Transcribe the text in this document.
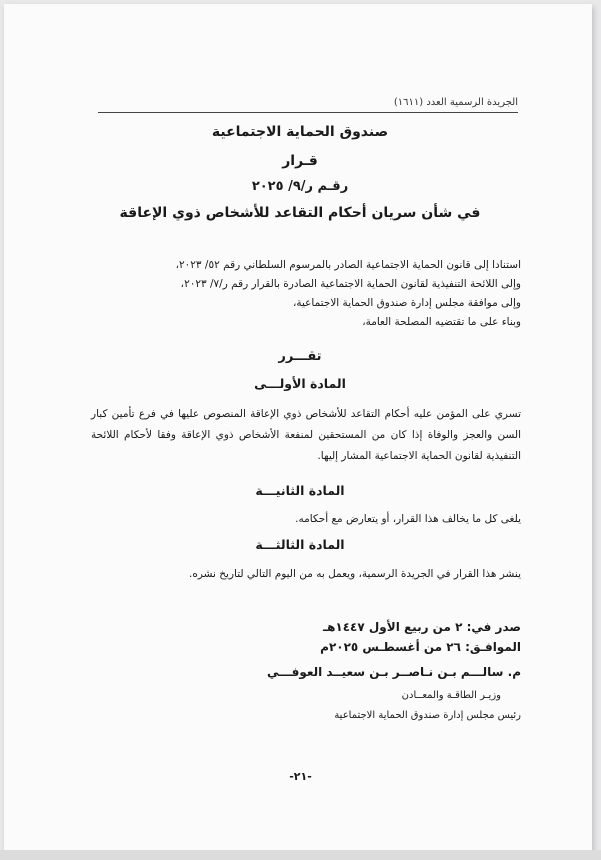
الجريدة الرسمية العدد (١٦١١)
صندوق الحماية الاجتماعية
قـرار
رقـم ر/٩/ ٢٠٢٥
في شأن سريان أحكام التقاعد للأشخاص ذوي الإعاقة
استنادا إلى قانون الحماية الاجتماعية الصادر بالمرسوم السلطاني رقم ٥٢/ ٢٠٢٣،
وإلى اللائحة التنفيذية لقانون الحماية الاجتماعية الصادرة بالقرار رقم ر/٧/ ٢٠٢٣،
وإلى موافقة مجلس إدارة صندوق الحماية الاجتماعية،
وبناء على ما تقتضيه المصلحة العامة،
تقـــرر
المادة الأولـــى
تسري على المؤمن عليه أحكام التقاعد للأشخاص ذوي الإعاقة المنصوص عليها في فرع تأمين كبار السن والعجز والوفاة إذا كان من المستحقين لمنفعة الأشخاص ذوي الإعاقة وفقا لأحكام اللائحة التنفيذية لقانون الحماية الاجتماعية المشار إليها.
المادة الثانيـــة
يلغى كل ما يخالف هذا القرار، أو يتعارض مع أحكامه.
المادة الثالثـــة
ينشر هذا القرار في الجريدة الرسمية، ويعمل به من اليوم التالي لتاريخ نشره.
صدر في: ٢ من ربيع الأول ١٤٤٧هـ
الموافـق: ٢٦ من أغسطـس ٢٠٢٥م
م. سالـــم بـن نـاصــر بـن سعيــد العوفـــي
وزيـر الطاقـة والمعــادن
رئيس مجلس إدارة صندوق الحماية الاجتماعية
-٢١-
